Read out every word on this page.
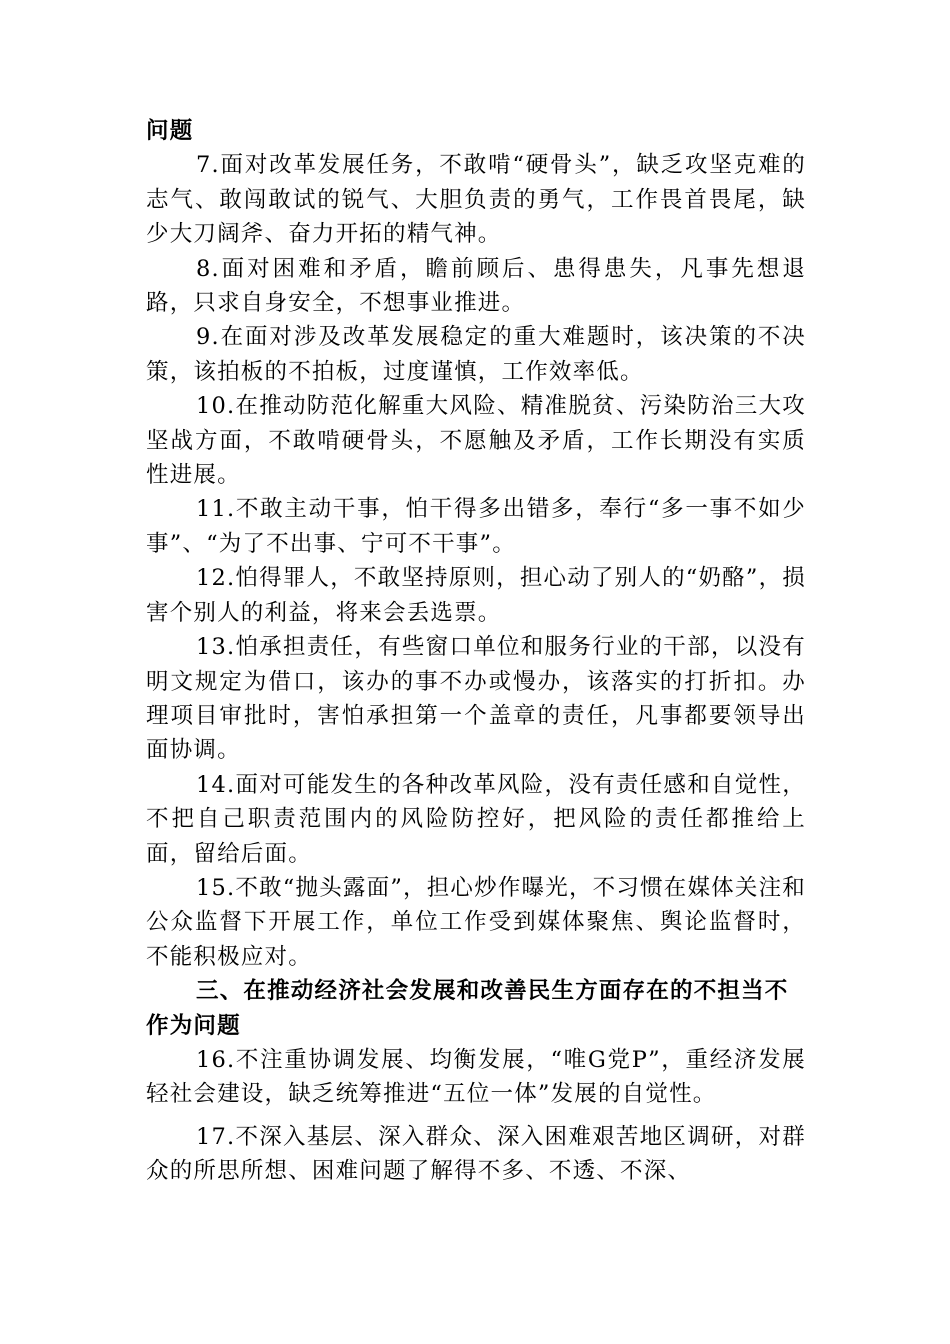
问题

7.面对改革发展任务，不敢啃“硬骨头”，缺乏攻坚克难的志气、敢闯敢试的锐气、大胆负责的勇气，工作畏首畏尾，缺少大刀阔斧、奋力开拓的精气神。

8.面对困难和矛盾，瞻前顾后、患得患失，凡事先想退路，只求自身安全，不想事业推进。

9.在面对涉及改革发展稳定的重大难题时，该决策的不决策，该拍板的不拍板，过度谨慎，工作效率低。

10.在推动防范化解重大风险、精准脱贫、污染防治三大攻坚战方面，不敢啃硬骨头，不愿触及矛盾，工作长期没有实质性进展。

11.不敢主动干事，怕干得多出错多，奉行“多一事不如少事”、“为了不出事、宁可不干事”。

12.怕得罪人，不敢坚持原则，担心动了别人的“奶酪”，损害个别人的利益，将来会丢选票。

13.怕承担责任，有些窗口单位和服务行业的干部，以没有明文规定为借口，该办的事不办或慢办，该落实的打折扣。办理项目审批时，害怕承担第一个盖章的责任，凡事都要领导出面协调。

14.面对可能发生的各种改革风险，没有责任感和自觉性，不把自己职责范围内的风险防控好，把风险的责任都推给上面，留给后面。

15.不敢“抛头露面”，担心炒作曝光，不习惯在媒体关注和公众监督下开展工作，单位工作受到媒体聚焦、舆论监督时，不能积极应对。

三、在推动经济社会发展和改善民生方面存在的不担当不作为问题

16.不注重协调发展、均衡发展，“唯G党P”，重经济发展轻社会建设，缺乏统筹推进“五位一体”发展的自觉性。

17.不深入基层、深入群众、深入困难艰苦地区调研，对群众的所思所想、困难问题了解得不多、不透、不深、
